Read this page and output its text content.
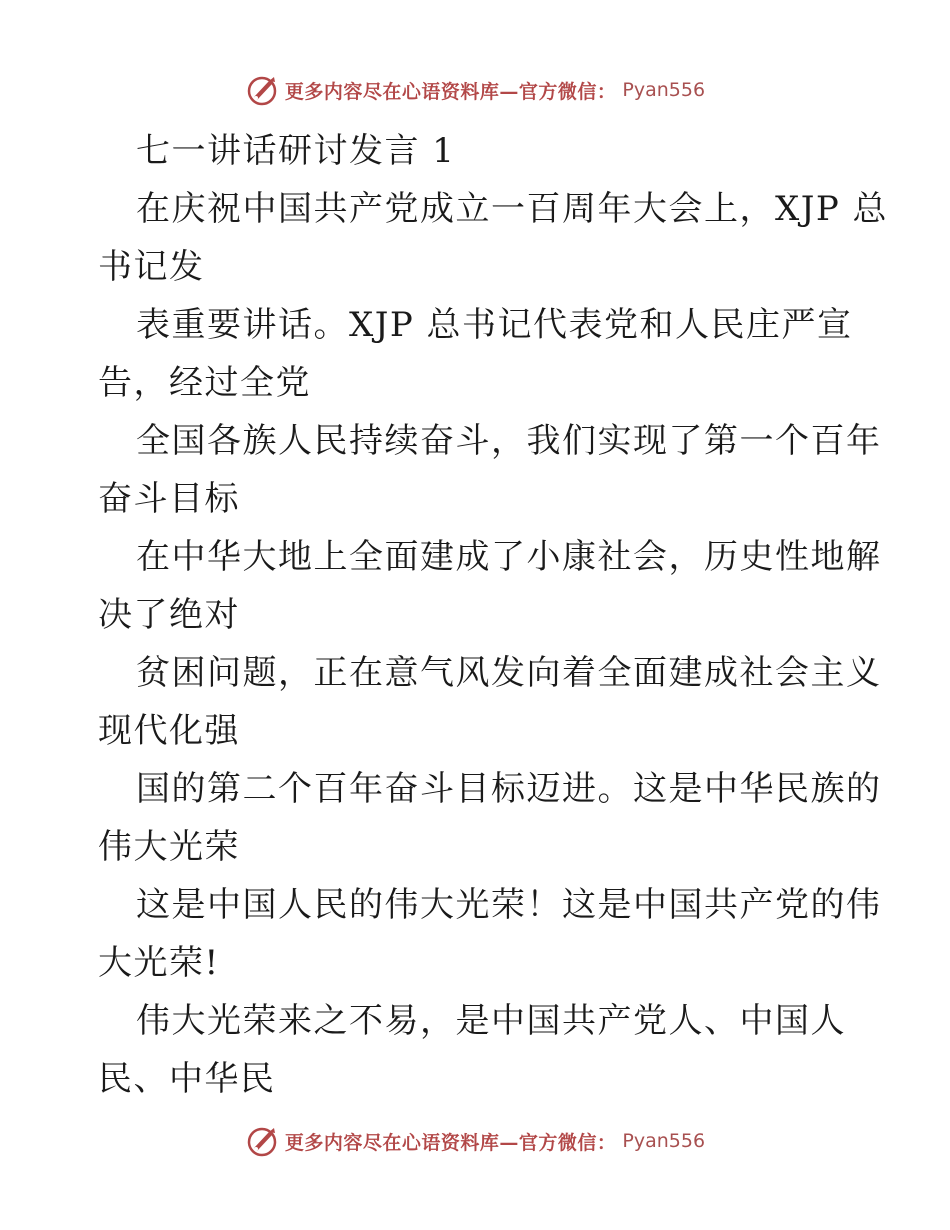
更多内容尽在心语资料库—官方微信： Pyan556
七一讲话研讨发言 1
在庆祝中国共产党成立一百周年大会上，XJP 总
书记发
表重要讲话。XJP 总书记代表党和人民庄严宣
告，经过全党
全国各族人民持续奋斗，我们实现了第一个百年
奋斗目标
在中华大地上全面建成了小康社会，历史性地解
决了绝对
贫困问题，正在意气风发向着全面建成社会主义
现代化强
国的第二个百年奋斗目标迈进。这是中华民族的
伟大光荣
这是中国人民的伟大光荣！这是中国共产党的伟
大光荣!
伟大光荣来之不易，是中国共产党人、中国人
民、中华民
更多内容尽在心语资料库—官方微信： Pyan556
